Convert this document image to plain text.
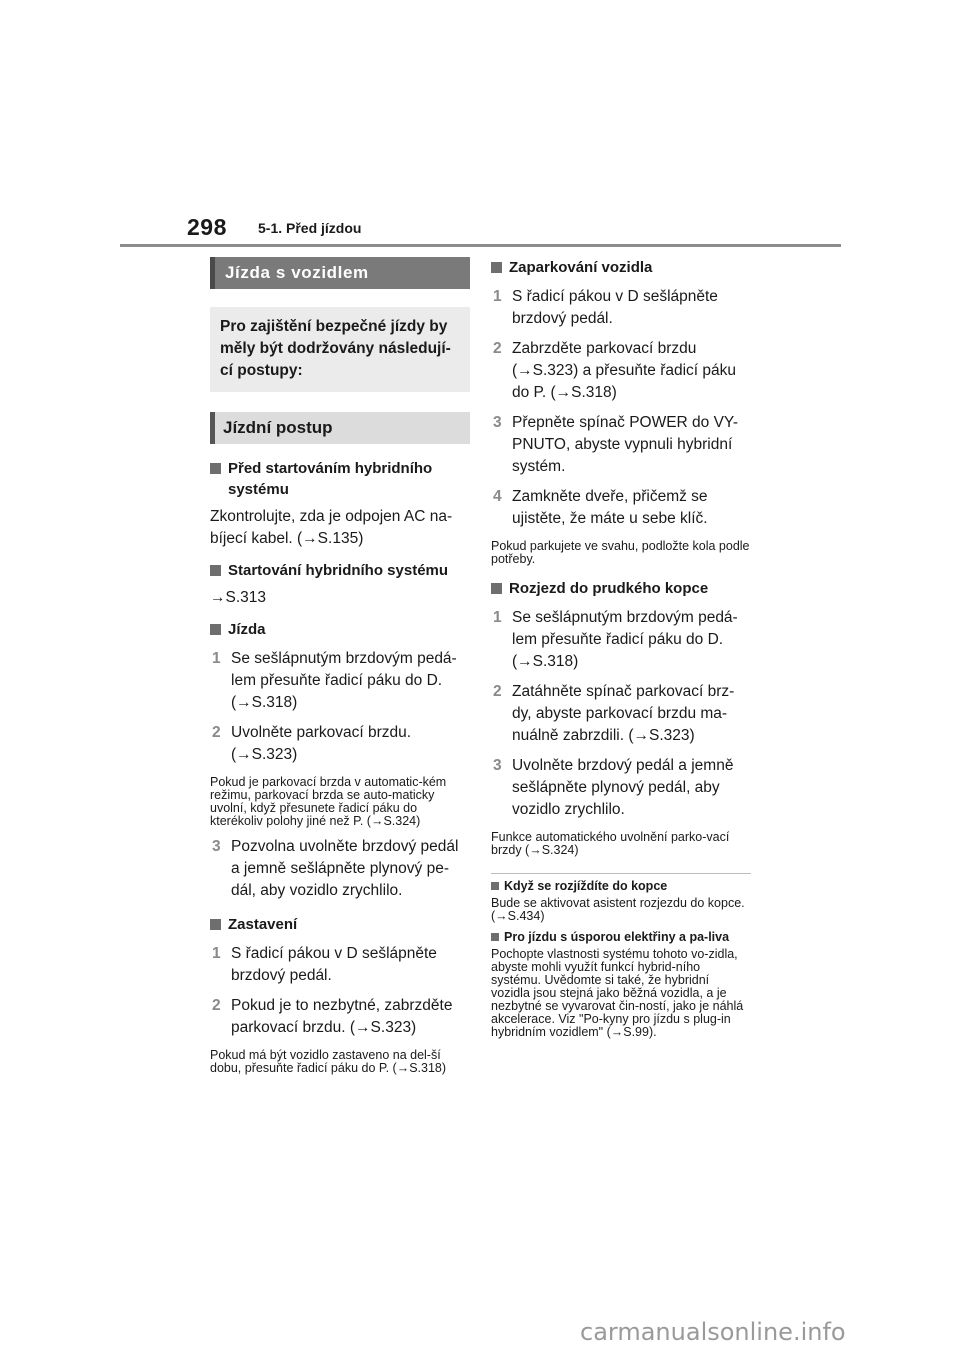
298 5-1. Před jízdou
Jízda s vozidlem
Pro zajištění bezpečné jízdy by měly být dodržovány následují-cí postupy:
Jízdní postup
Před startováním hybridního systému
Zkontrolujte, zda je odpojen AC na-bíjecí kabel. (→S.135)
Startování hybridního systému
→S.313
Jízda
1 Se sešlápnutým brzdovým pedá-lem přesuňte řadicí páku do D. (→S.318)
2 Uvolněte parkovací brzdu. (→S.323)
Pokud je parkovací brzda v automatic-kém režimu, parkovací brzda se auto-maticky uvolní, když přesunete řadicí páku do kterékoliv polohy jiné než P. (→S.324)
3 Pozvolna uvolněte brzdový pedál a jemně sešlápněte plynový pe-dál, aby vozidlo zrychlilo.
Zastavení
1 S řadicí pákou v D sešlápněte brzdový pedál.
2 Pokud je to nezbytné, zabrzděte parkovací brzdu. (→S.323)
Pokud má být vozidlo zastaveno na del-ší dobu, přesuňte řadicí páku do P. (→S.318)
Zaparkování vozidla
1 S řadicí pákou v D sešlápněte brzdový pedál.
2 Zabrzděte parkovací brzdu (→S.323) a přesuňte řadicí páku do P. (→S.318)
3 Přepněte spínač POWER do VY-PNUTO, abyste vypnuli hybridní systém.
4 Zamkněte dveře, přičemž se ujistěte, že máte u sebe klíč.
Pokud parkujete ve svahu, podložte kola podle potřeby.
Rozjezd do prudkého kopce
1 Se sešlápnutým brzdovým pedá-lem přesuňte řadicí páku do D. (→S.318)
2 Zatáhněte spínač parkovací brz-dy, abyste parkovací brzdu ma-nuálně zabrzdili. (→S.323)
3 Uvolněte brzdový pedál a jemně sešlápněte plynový pedál, aby vozidlo zrychlilo.
Funkce automatického uvolnění parko-vací brzdy (→S.324)
Když se rozjíždíte do kopce
Bude se aktivovat asistent rozjezdu do kopce. (→S.434)
Pro jízdu s úsporou elektřiny a pa-liva
Pochopte vlastnosti systému tohoto vo-zidla, abyste mohli využít funkcí hybrid-ního systému. Uvědomte si také, že hybridní vozidla jsou stejná jako běžná vozidla, a je nezbytné se vyvarovat čin-ností, jako je náhlá akcelerace. Viz "Po-kyny pro jízdu s plug-in hybridním vozidlem" (→S.99).
carmanualsonline.info
